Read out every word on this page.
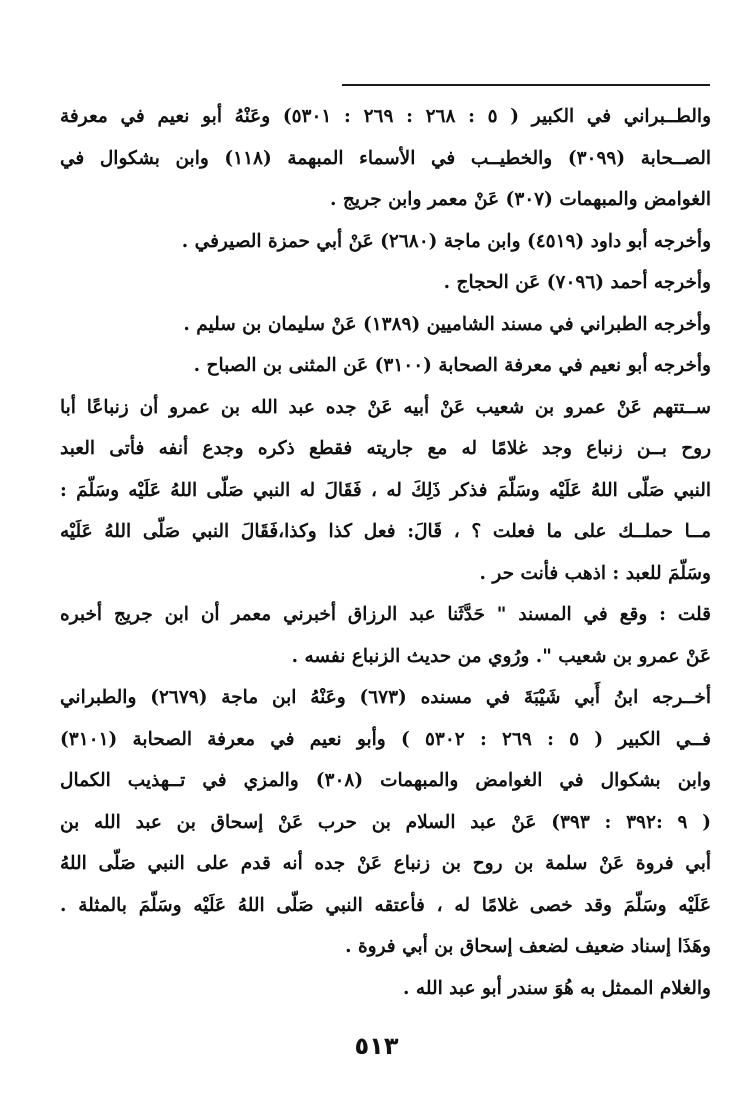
والطــبراني في الكبير ( ٥ : ٢٦٨ : ٢٦٩ : ٥٣٠١) وعَنْهُ أبو نعيم في معرفة
الصــحابة (٣٠٩٩) والخطيــب في الأسماء المبهمة (١١٨) وابن بشكوال في
الغوامض والمبهمات (٣٠٧) عَنْ معمر وابن جريج .
وأخرجه أبو داود (٤٥١٩) وابن ماجة (٢٦٨٠) عَنْ أبي حمزة الصيرفي .
وأخرجه أحمد (٧٠٩٦) عَن الحجاج .
وأخرجه الطبراني في مسند الشاميين (١٣٨٩) عَنْ سليمان بن سليم .
وأخرجه أبو نعيم في معرفة الصحابة (٣١٠٠) عَن المثنى بن الصباح .
ســتتهم عَنْ عمرو بن شعيب عَنْ أبيه عَنْ جده عبد الله بن عمرو أن زنباعًا أبا
روح بــن زنباع وجد غلامًا له مع جاريته فقطع ذكره وجدع أنفه فأتى العبد
النبي صَلّى اللهُ عَلَيْه وسَلّمَ فذكر ذَلِكَ له ، فَقَالَ له النبي صَلّى اللهُ عَلَيْه وسَلّمَ :
مــا حملــك على ما فعلت ؟ ، قَالَ: فعل كذا وكذا،فَقَالَ النبي صَلّى اللهُ عَلَيْه
وسَلّمَ للعبد : اذهب فأنت حر .
قلت : وقع في المسند " حَدَّثَنا عبد الرزاق أخبرني معمر أن ابن جريج أخبره
عَنْ عمرو بن شعيب ". ورُوي من حديث الزنباع نفسه .
أخــرجه ابنُ أَبي شَيْبَةَ في مسنده (٦٧٣) وعَنْهُ ابن ماجة (٢٦٧٩) والطبراني
فــي الكبير ( ٥ : ٢٦٩ : ٥٣٠٢ ) وأبو نعيم في معرفة الصحابة (٣١٠١)
وابن بشكوال في الغوامض والمبهمات (٣٠٨) والمزي في تــهذيب الكمال
( ٩ :٣٩٢ : ٣٩٣) عَنْ عبد السلام بن حرب عَنْ إسحاق بن عبد الله بن
أبي فروة عَنْ سلمة بن روح بن زنباع عَنْ جده أنه قدم على النبي صَلّى اللهُ
عَلَيْه وسَلّمَ وقد خصى غلامًا له ، فأعتقه النبي صَلّى اللهُ عَلَيْه وسَلّمَ بالمثلة .
وهَذَا إسناد ضعيف لضعف إسحاق بن أبي فروة .
والغلام الممثل به هُوَ سندر أبو عبد الله .
٥١٣
